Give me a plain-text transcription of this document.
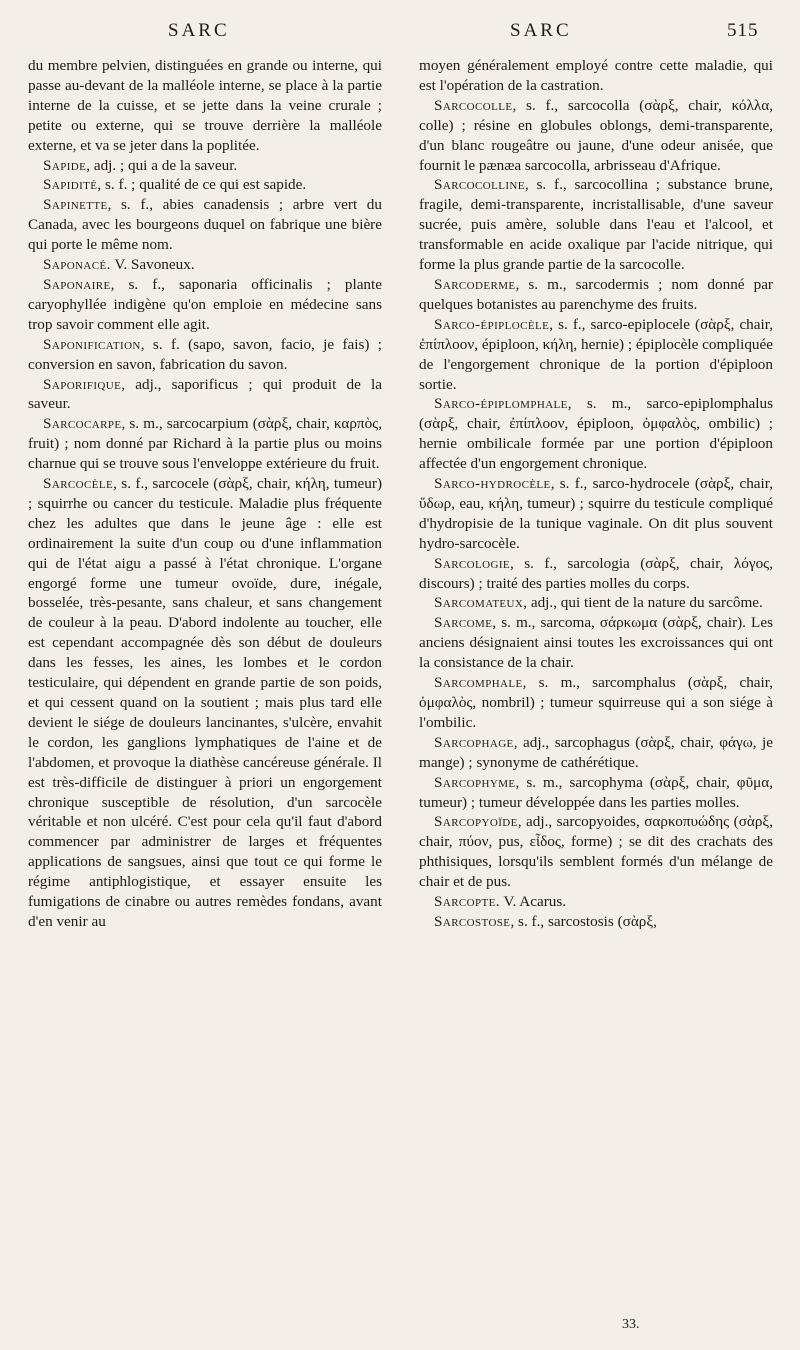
SARC	SARC	515

du membre pelvien, distinguées en grande ou interne, qui passe au-devant de la malléole interne, se place à la partie interne de la cuisse, et se jette dans la veine crurale ; petite ou externe, qui se trouve derrière la malléole externe, et va se jeter dans la poplitée.

Sapide, adj. ; qui a de la saveur.

Sapidité, s. f. ; qualité de ce qui est sapide.

Sapinette, s. f., abies canadensis ; arbre vert du Canada, avec les bourgeons duquel on fabrique une bière qui porte le même nom.

Saponacé. V. Savoneux.

Saponaire, s. f., saponaria officinalis ; plante caryophyllée indigène qu'on emploie en médecine sans trop savoir comment elle agit.

Saponification, s. f. (sapo, savon, facio, je fais) ; conversion en savon, fabrication du savon.

Saporifique, adj., saporificus ; qui produit de la saveur.

Sarcocarpe, s. m., sarcocarpium (σὰρξ, chair, καρπὸς, fruit) ; nom donné par Richard à la partie plus ou moins charnue qui se trouve sous l'enveloppe extérieure du fruit.

Sarcocèle, s. f., sarcocele (σὰρξ, chair, κήλη, tumeur) ; squirrhe ou cancer du testicule. Maladie plus fréquente chez les adultes que dans le jeune âge : elle est ordinairement la suite d'un coup ou d'une inflammation qui de l'état aigu a passé à l'état chronique. L'organe engorgé forme une tumeur ovoïde, dure, inégale, bosselée, très-pesante, sans chaleur, et sans changement de couleur à la peau. D'abord indolente au toucher, elle est cependant accompagnée dès son début de douleurs dans les fesses, les aines, les lombes et le cordon testiculaire, qui dépendent en grande partie de son poids, et qui cessent quand on la soutient ; mais plus tard elle devient le siége de douleurs lancinantes, s'ulcère, envahit le cordon, les ganglions lymphatiques de l'aine et de l'abdomen, et provoque la diathèse cancéreuse générale. Il est très-difficile de distinguer à priori un engorgement chronique susceptible de résolution, d'un sarcocèle véritable et non ulcéré. C'est pour cela qu'il faut d'abord commencer par administrer de larges et fréquentes applications de sangsues, ainsi que tout ce qui forme le régime antiphlogistique, et essayer ensuite les fumigations de cinabre ou autres remèdes fondans, avant d'en venir au

moyen généralement employé contre cette maladie, qui est l'opération de la castration.

Sarcocolle, s. f., sarcocolla (σὰρξ, chair, κόλλα, colle) ; résine en globules oblongs, demi-transparente, d'un blanc rougeâtre ou jaune, d'une odeur anisée, que fournit le pænæa sarcocolla, arbrisseau d'Afrique.

Sarcocolline, s. f., sarcocollina ; substance brune, fragile, demi-transparente, incristallisable, d'une saveur sucrée, puis amère, soluble dans l'eau et l'alcool, et transformable en acide oxalique par l'acide nitrique, qui forme la plus grande partie de la sarcocolle.

Sarcoderme, s. m., sarcodermis ; nom donné par quelques botanistes au parenchyme des fruits.

Sarco-épiplocèle, s. f., sarco-epiplocele (σὰρξ, chair, ἐπίπλοον, épiploon, κήλη, hernie) ; épiplocèle compliquée de l'engorgement chronique de la portion d'épiploon sortie.

Sarco-épiplomphale, s. m., sarco-epiplomphalus (σὰρξ, chair, ἐπίπλοον, épiploon, ὀμφαλὸς, ombilic) ; hernie ombilicale formée par une portion d'épiploon affectée d'un engorgement chronique.

Sarco-hydrocèle, s. f., sarco-hydrocele (σὰρξ, chair, ὕδωρ, eau, κήλη, tumeur) ; squirre du testicule compliqué d'hydropisie de la tunique vaginale. On dit plus souvent hydro-sarcocèle.

Sarcologie, s. f., sarcologia (σὰρξ, chair, λόγος, discours) ; traité des parties molles du corps.

Sarcomateux, adj., qui tient de la nature du sarcôme.

Sarcome, s. m., sarcoma, σάρκωμα (σὰρξ, chair). Les anciens désignaient ainsi toutes les excroissances qui ont la consistance de la chair.

Sarcomphale, s. m., sarcomphalus (σὰρξ, chair, ὀμφαλὸς, nombril) ; tumeur squirreuse qui a son siége à l'ombilic.

Sarcophage, adj., sarcophagus (σὰρξ, chair, φάγω, je mange) ; synonyme de cathérétique.

Sarcophyme, s. m., sarcophyma (σὰρξ, chair, φῦμα, tumeur) ; tumeur développée dans les parties molles.

Sarcopyoïde, adj., sarcopyoides, σαρκοπυώδης (σὰρξ, chair, πύον, pus, εἶδος, forme) ; se dit des crachats des phthisiques, lorsqu'ils semblent formés d'un mélange de chair et de pus.

Sarcopte. V. Acarus.

Sarcostose, s. f., sarcostosis (σὰρξ,

33.
